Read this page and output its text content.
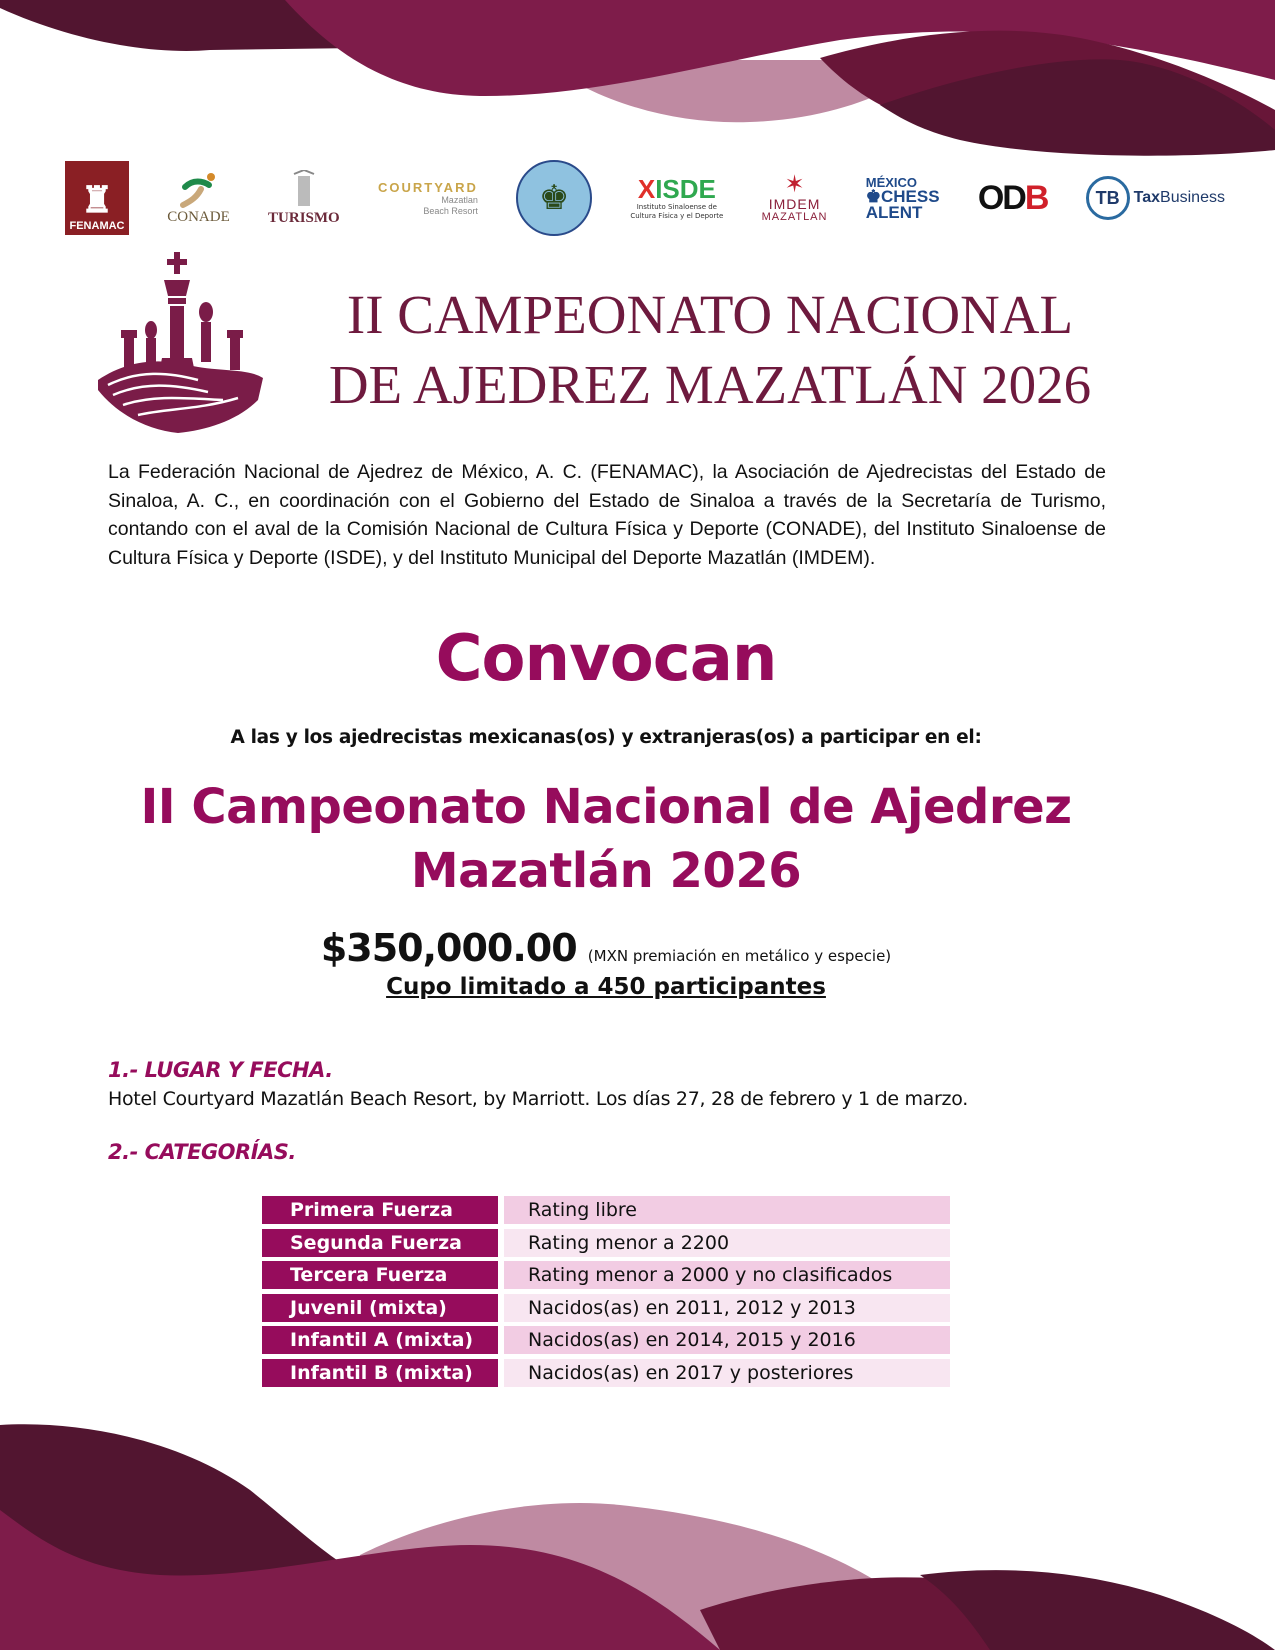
♜
FENAMAC
CONADE	TURISMO
COURTYARD
Mazatlan
Beach Resort ♚	XISDE
Instituto Sinaloense de
Cultura Física y el Deporte
✶
IMDEM
MAZATLAN
MÉXICO
♚CHESS
ALENT ODB	TB Tax Business
II CAMPEONATO NACIONAL
DE AJEDREZ MAZATLÁN 2026

La Federación Nacional de Ajedrez de México, A. C. (FENAMAC), la Asociación de Ajedrecistas del Estado de Sinaloa, A. C., en coordinación con el Gobierno del Estado de Sinaloa a través de la Secretaría de Turismo, contando con el aval de la Comisión Nacional de Cultura Física y Deporte (CONADE), del Instituto Sinaloense de Cultura Física y Deporte (ISDE), y del Instituto Municipal del Deporte Mazatlán (IMDEM).

Convocan
A las y los ajedrecistas mexicanas(os) y extranjeras(os) a participar en el:
II Campeonato Nacional de Ajedrez
Mazatlán 2026
$350,000.00 (MXN premiación en metálico y especie)
Cupo limitado a 450 participantes
1.- LUGAR Y FECHA.
Hotel Courtyard Mazatlán Beach Resort, by Marriott. Los días 27, 28 de febrero y 1 de marzo.
2.- CATEGORÍAS.
Primera Fuerza	Rating libre
Segunda Fuerza	Rating menor a 2200
Tercera Fuerza	Rating menor a 2000 y no clasificados
Juvenil (mixta)	Nacidos(as) en 2011, 2012 y 2013
Infantil A (mixta)	Nacidos(as) en 2014, 2015 y 2016
Infantil B (mixta)	Nacidos(as) en 2017 y posteriores
